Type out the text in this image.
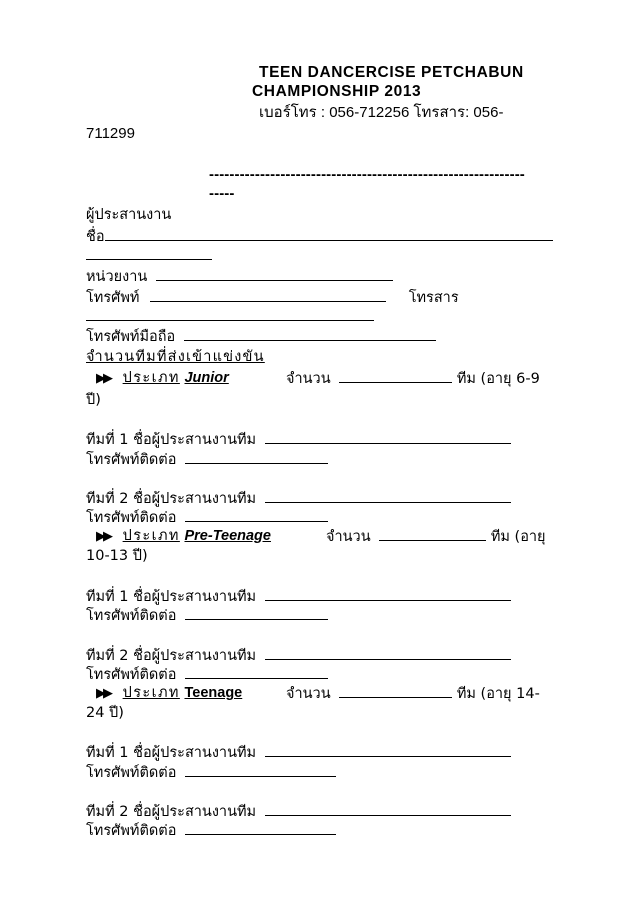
TEEN DANCERCISE PETCHABUN
CHAMPIONSHIP 2013
เบอร์โทร : 056-712256 โทรสาร: 056-
711299
--------------------------------------------------------------
-----
ผู้ประสานงาน
ชื่อ
หน่วยงาน
โทรศัพท์	โทรสาร
โทรศัพท์มือถือ
จำนวนทีมที่ส่งเข้าแข่งขัน
▶▶ ประเภท Junior	จำนวน	ทีม (อายุ 6-9
ปี)
ทีมที่ 1 ชื่อผู้ประสานงานทีม
โทรศัพท์ติดต่อ
ทีมที่ 2 ชื่อผู้ประสานงานทีม
โทรศัพท์ติดต่อ
▶▶ ประเภท Pre-Teenage	จำนวน	ทีม (อายุ
10-13 ปี)
ทีมที่ 1 ชื่อผู้ประสานงานทีม
โทรศัพท์ติดต่อ
ทีมที่ 2 ชื่อผู้ประสานงานทีม
โทรศัพท์ติดต่อ
▶▶ ประเภท Teenage	จำนวน	ทีม (อายุ 14-
24 ปี)
ทีมที่ 1 ชื่อผู้ประสานงานทีม
โทรศัพท์ติดต่อ
ทีมที่ 2 ชื่อผู้ประสานงานทีม
โทรศัพท์ติดต่อ
